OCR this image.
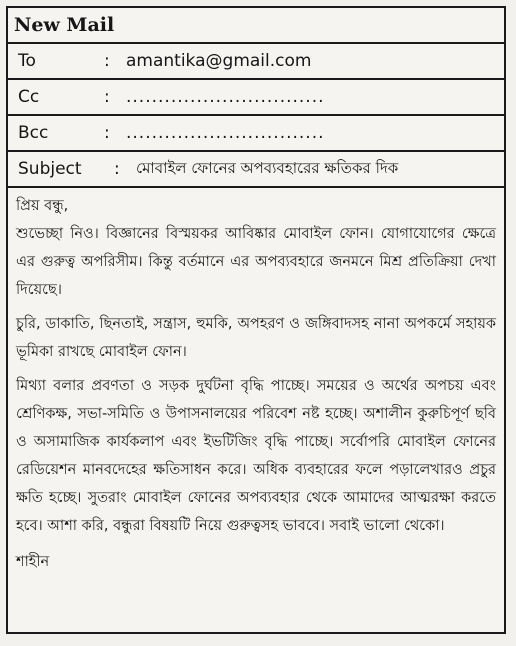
New Mail
To	: amantika@gmail.com
Cc	: ...............................
Bcc	: ...............................
Subject	:	মোবাইল ফোনের অপব্যবহারের ক্ষতিকর দিক

প্রিয় বন্ধু,

শুভেচ্ছা নিও। বিজ্ঞানের বিস্ময়কর আবিষ্কার মোবাইল ফোন। যোগাযোগের ক্ষেত্রে এর গুরুত্ব অপরিসীম। কিন্তু বর্তমানে এর অপব্যবহারে জনমনে মিশ্র প্রতিক্রিয়া দেখা দিয়েছে।

চুরি, ডাকাতি, ছিনতাই, সন্ত্রাস, হুমকি, অপহরণ ও জঙ্গিবাদসহ নানা অপকর্মে সহায়ক ভূমিকা রাখছে মোবাইল ফোন।

মিথ্যা বলার প্রবণতা ও সড়ক দুর্ঘটনা বৃদ্ধি পাচ্ছে। সময়ের ও অর্থের অপচয় এবং শ্রেণিকক্ষ, সভা-সমিতি ও উপাসনালয়ের পরিবেশ নষ্ট হচ্ছে। অশালীন কুরুচিপূর্ণ ছবি ও অসামাজিক কার্যকলাপ এবং ইভটিজিং বৃদ্ধি পাচ্ছে। সর্বোপরি মোবাইল ফোনের রেডিয়েশন মানবদেহের ক্ষতিসাধন করে। অধিক ব্যবহারের ফলে পড়ালেখারও প্রচুর ক্ষতি হচ্ছে। সুতরাং মোবাইল ফোনের অপব্যবহার থেকে আমাদের আত্মরক্ষা করতে হবে। আশা করি, বন্ধুরা বিষয়টি নিয়ে গুরুত্বসহ ভাববে। সবাই ভালো থেকো।

শাহীন
